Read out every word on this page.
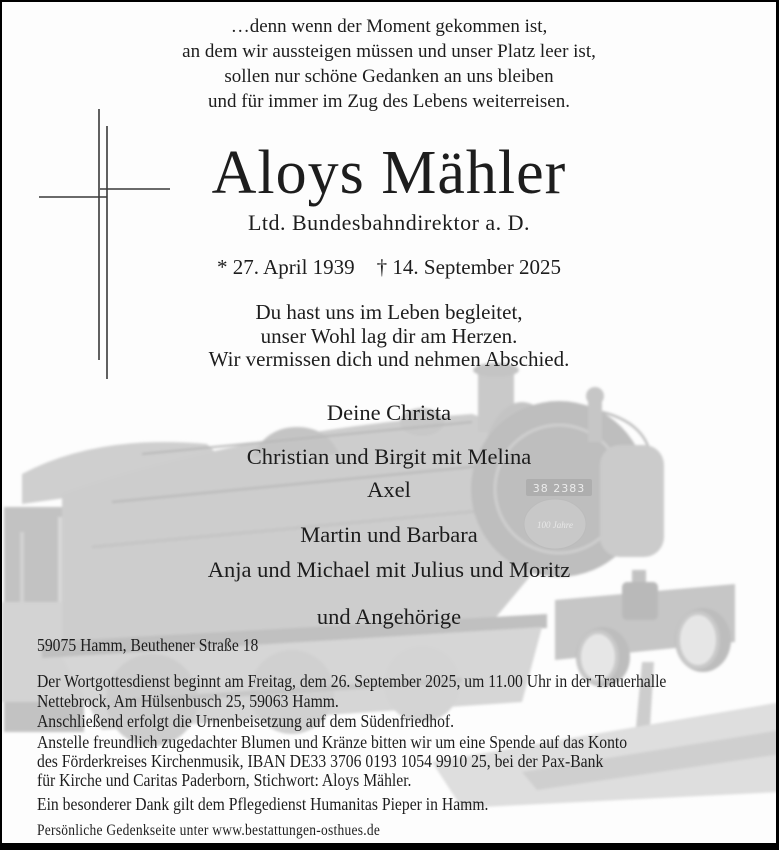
38 2383
100 Jahre
…denn wenn der Moment gekommen ist,
an dem wir aussteigen müssen und unser Platz leer ist,
sollen nur schöne Gedanken an uns bleiben
und für immer im Zug des Lebens weiterreisen.
Aloys Mähler
Ltd. Bundesbahndirektor a. D.
* 27. April 1939 † 14. September 2025
Du hast uns im Leben begleitet,
unser Wohl lag dir am Herzen.
Wir vermissen dich und nehmen Abschied.
Deine Christa
Christian und Birgit mit Melina
Axel
Martin und Barbara
Anja und Michael mit Julius und Moritz
und Angehörige
59075 Hamm, Beuthener Straße 18
Der Wortgottesdienst beginnt am Freitag, dem 26. September 2025, um 11.00 Uhr in der Trauerhalle
Nettebrock, Am Hülsenbusch 25, 59063 Hamm.
Anschließend erfolgt die Urnenbeisetzung auf dem Südenfriedhof.
Anstelle freundlich zugedachter Blumen und Kränze bitten wir um eine Spende auf das Konto
des Förderkreises Kirchenmusik, IBAN DE33 3706 0193 1054 9910 25, bei der Pax-Bank
für Kirche und Caritas Paderborn, Stichwort: Aloys Mähler.
Ein besonderer Dank gilt dem Pflegedienst Humanitas Pieper in Hamm.
Persönliche Gedenkseite unter www.bestattungen-osthues.de
